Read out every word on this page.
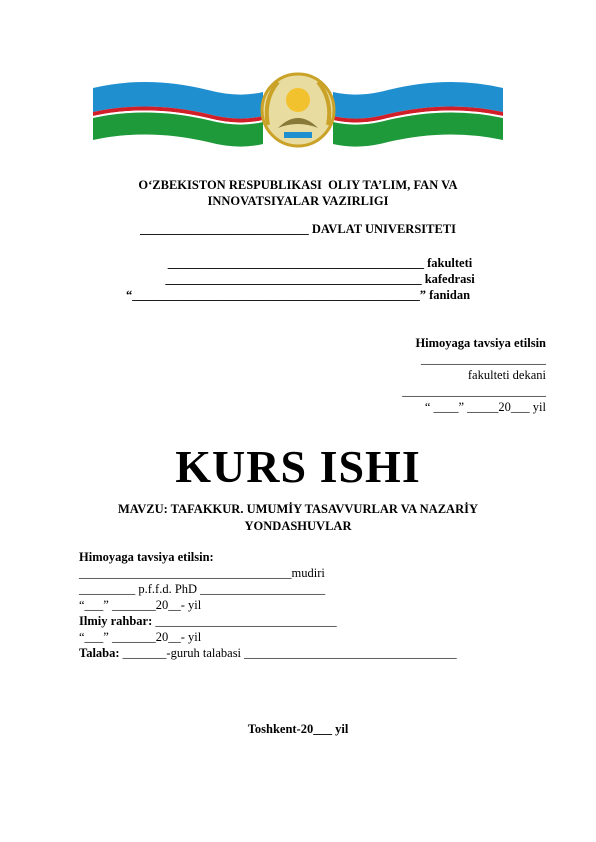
O‘ZBEKISTON RESPUBLIKASI  OLIY TA’LIM, FAN VA
INNOVATSIYALAR VAZIRLIGI
___________________________ DAVLAT UNIVERSITETI
_________________________________________ fakulteti
_________________________________________ kafedrasi
“______________________________________________” fanidan
Himoyaga tavsiya etilsin
____________________
fakulteti dekani
_______________________
“ ____” _____20___ yil
KURS ISHI
MAVZU: TAFAKKUR. UMUMİY TASAVVURLAR VA NAZARİY
YONDASHUVLAR
Himoyaga tavsiya etilsin:
__________________________________mudiri
_________ p.f.f.d. PhD ____________________
“___” _______20__- yil
Ilmiy rahbar: _____________________________
“___” _______20__- yil
Talaba: _______-guruh talabasi __________________________________
Toshkent-20___ yil
